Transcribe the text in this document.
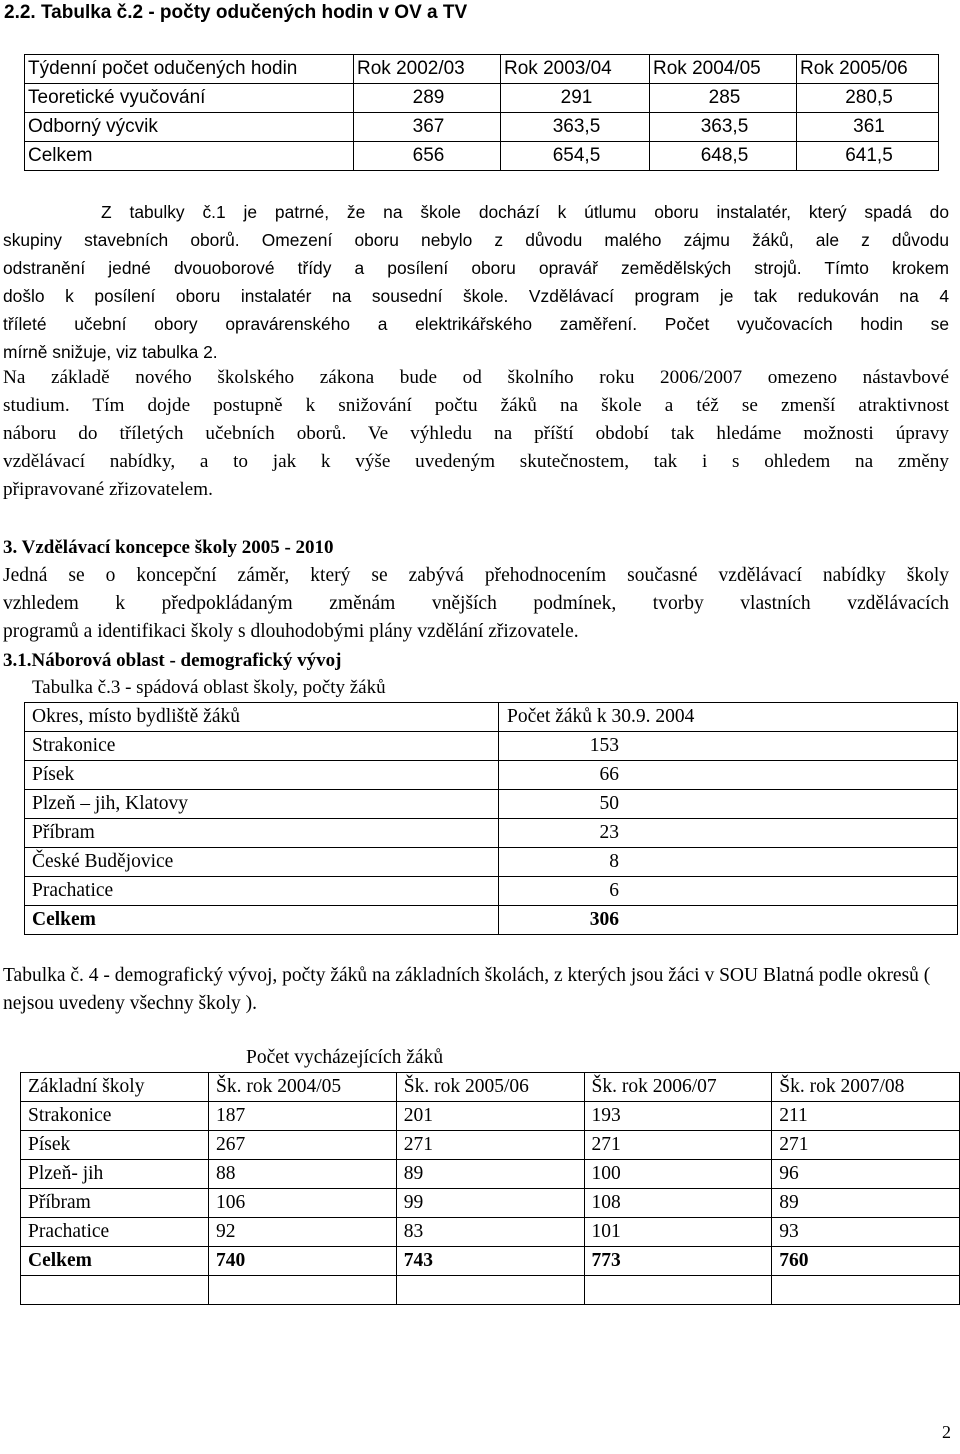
2.2. Tabulka č.2 - počty odučených hodin v OV a TV
Týdenní počet odučených hodin	Rok 2002/03	Rok 2003/04	Rok 2004/05	Rok 2005/06
Teoretické vyučování	289	291	285	280,5
Odborný výcvik	367	363,5	363,5	361
Celkem	656	654,5	648,5	641,5
Z tabulky č.1 je patrné, že na škole dochází k útlumu oboru instalatér, který spadá do
skupiny stavebních oborů. Omezení oboru nebylo z důvodu malého zájmu žáků, ale z důvodu
odstranění jedné dvouoborové třídy a posílení oboru opravář zemědělských strojů. Tímto krokem
došlo k posílení oboru instalatér na sousední škole. Vzdělávací program je tak redukován na 4
tříleté učební obory opravárenského a elektrikářského zaměření. Počet vyučovacích hodin se
mírně snižuje, viz tabulka 2.
Na základě nového školského zákona bude od školního roku 2006/2007 omezeno nástavbové
studium. Tím dojde postupně k snižování počtu žáků na škole a též se zmenší atraktivnost
náboru do tříletých učebních oborů. Ve výhledu na příští období tak hledáme možnosti úpravy
vzdělávací nabídky, a to jak k výše uvedeným skutečnostem, tak i s ohledem na změny
připravované zřizovatelem.
3. Vzdělávací koncepce školy 2005 - 2010
Jedná se o koncepční záměr, který se zabývá přehodnocením současné vzdělávací nabídky školy
vzhledem k předpokládaným změnám vnějších podmínek, tvorby vlastních vzdělávacích
programů a identifikaci školy s dlouhodobými plány vzdělání zřizovatele.
3.1.Náborová oblast - demografický vývoj
Tabulka č.3 - spádová oblast školy, počty žáků
Okres, místo bydliště žáků	Počet žáků k 30.9. 2004
Strakonice	153
Písek	66
Plzeň – jih, Klatovy	50
Příbram	23
České Budějovice	8
Prachatice	6
Celkem	306
Tabulka č. 4 - demografický vývoj, počty žáků na základních školách, z kterých jsou žáci v SOU Blatná podle okresů ( nejsou uvedeny všechny školy ).
Počet vycházejících žáků
Základní školy	Šk. rok 2004/05	Šk. rok 2005/06	Šk. rok 2006/07	Šk. rok 2007/08
Strakonice	187	201	193	211
Písek	267	271	271	271
Plzeň- jih	88	89	100	96
Příbram	106	99	108	89
Prachatice	92	83	101	93
Celkem	740	743	773	760

2
